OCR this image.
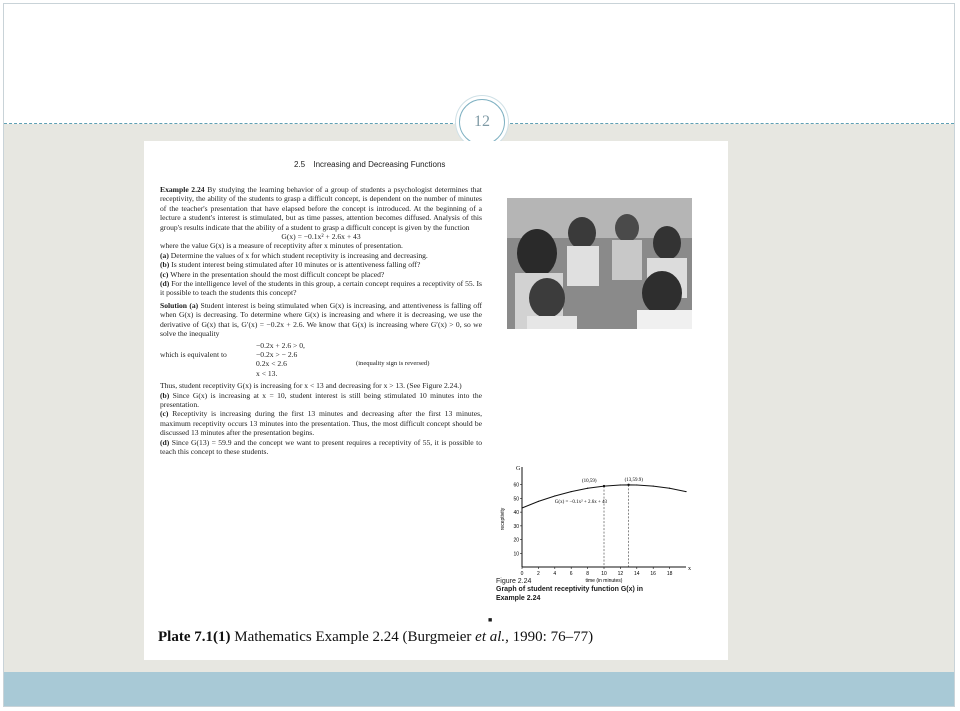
12
2.5 Increasing and Decreasing Functions

Example 2.24 By studying the learning behavior of a group of students a psychologist determines that receptivity, the ability of the students to grasp a difficult concept, is dependent on the number of minutes of the teacher's presentation that have elapsed before the concept is introduced. At the beginning of a lecture a student's interest is stimulated, but as time passes, attention becomes diffused. Analysis of this group's results indicate that the ability of a student to grasp a difficult concept is given by the function

G(x) = −0.1x² + 2.6x + 43

where the value G(x) is a measure of receptivity after x minutes of presentation.

(a) Determine the values of x for which student receptivity is increasing and decreasing.

(b) Is student interest being stimulated after 10 minutes or is attentiveness falling off?

(c) Where in the presentation should the most difficult concept be placed?

(d) For the intelligence level of the students in this group, a certain concept requires a receptivity of 55. Is it possible to teach the students this concept?

Solution (a) Student interest is being stimulated when G(x) is increasing, and attentiveness is falling off when G(x) is decreasing. To determine where G(x) is increasing and where it is decreasing, we use the derivative of G(x) that is, G′(x) = −0.2x + 2.6. We know that G(x) is increasing where G′(x) > 0, so we solve the inequality

−0.2x + 2.6 > 0,
which is equivalent to	−0.2x > − 2.6
0.2x < 2.6	(inequality sign is reversed)
x < 13.

Thus, student receptivity G(x) is increasing for x < 13 and decreasing for x > 13. (See Figure 2.24.)

(b) Since G(x) is increasing at x = 10, student interest is still being stimulated 10 minutes into the presentation.

(c) Receptivity is increasing during the first 13 minutes and decreasing after the first 13 minutes, maximum receptivity occurs 13 minutes into the presentation. Thus, the most difficult concept should be discussed 13 minutes after the presentation begins.

(d) Since G(13) = 59.9 and the concept we want to present requires a receptivity of 55, it is possible to teach this concept to these students.

■
G
x
0	2	4	6	8 10 12 14 16 18
10
20
30
40
50
60
time (in minutes)
receptivity
(10,59)	(13,59.9)
G(x) = −0.1x² + 2.6x + 43
Figure 2.24
Graph of student receptivity function G(x) in Example 2.24
Plate 7.1(1) Mathematics Example 2.24 (Burgmeier et al., 1990: 76–77)
